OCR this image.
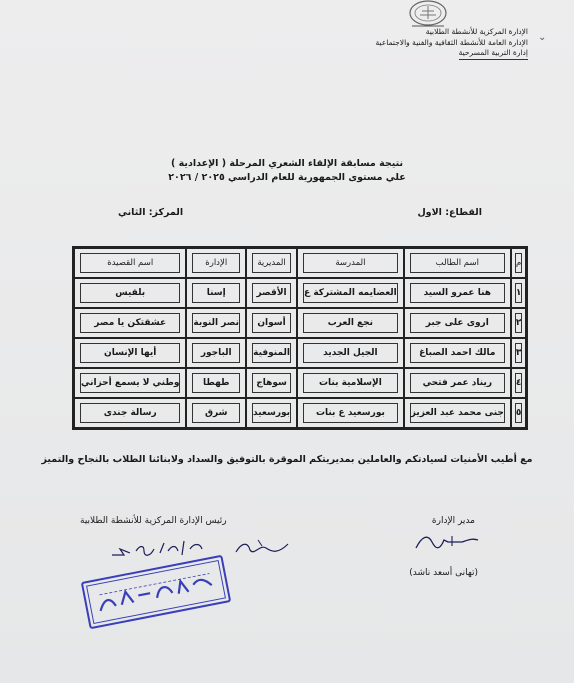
الإدارة المركزية للأنشطة الطلابية
الإدارة العامة للأنشطة الثقافية والفنية والاجتماعية
إدارة التربية المسرحية
⌄
نتيجة مسابقة الإلقاء الشعري المرحلة ( الإعدادية )
علي مستوى الجمهورية للعام الدراسي ٢٠٢٥ / ٢٠٢٦
القطاع: الاول
المركز: الثاني
م	اسم الطالب	المدرسة	المديرية	الإدارة	اسم القصيدة

١	هنا عمرو السيد	العضايمه المشتركة ع	الأقصر	إسنا	بلقيس

٢	اروى على جبر	نجع العرب	أسوان	نصر النوبة	عشقتكن يا مصر

٣	مالك احمد الصباغ	الجيل الجديد	المنوفية	الباجور	أيها الإنسان

٤	ريناد عمر فتحي	الإسلامية بنات	سوهاج	طهطا	وطني لا يسمع أحزاني

٥	جنى محمد عبد العزيز	بورسعيد ع بنات	بورسعيد	شرق	رسالة جندى
مع أطيب الأمنيات لسيادتكم والعاملين بمديريتكم الموقرة بالتوفيق والسداد ولابنائنا الطلاب بالنجاح والتميز
مدير الإدارة
رئيس الإدارة المركزية للأنشطة الطلابية
(تهانى أسعد ناشد)
